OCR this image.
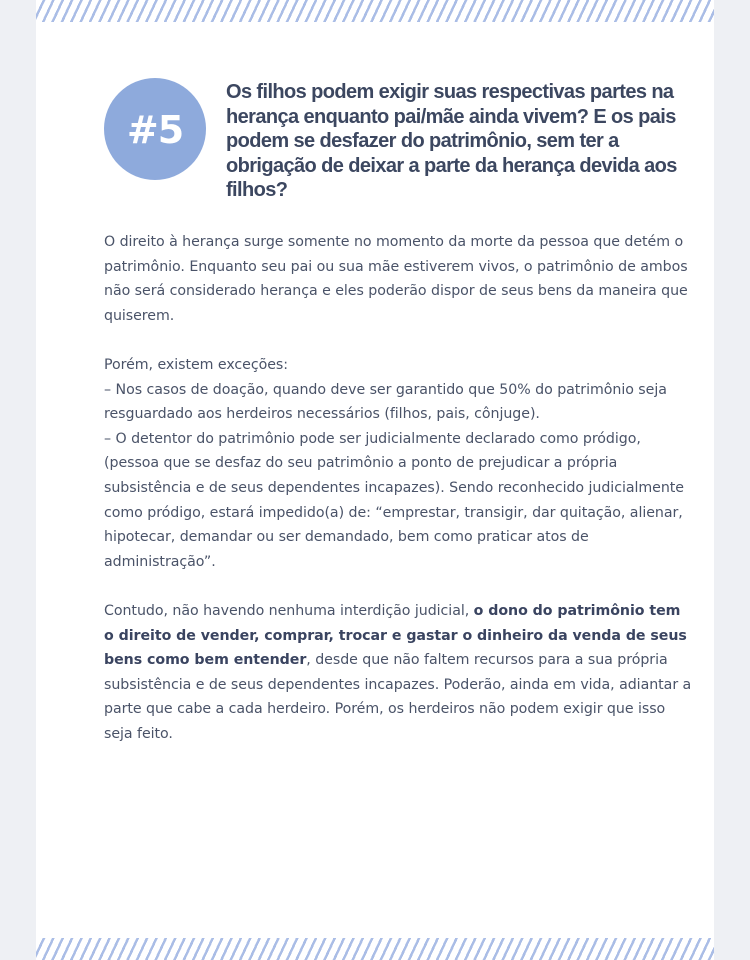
#5
Os filhos podem exigir suas respectivas partes na herança enquanto pai/mãe ainda vivem? E os pais podem se desfazer do patrimônio, sem ter a obrigação de deixar a parte da herança devida aos filhos?

O direito à herança surge somente no momento da morte da pessoa que detém o patrimônio. Enquanto seu pai ou sua mãe estiverem vivos, o patrimônio de ambos não será considerado herança e eles poderão dispor de seus bens da maneira que quiserem.

Porém, existem exceções:
– Nos casos de doação, quando deve ser garantido que 50% do patrimônio seja resguardado aos herdeiros necessários (filhos, pais, cônjuge).
– O detentor do patrimônio pode ser judicialmente declarado como pródigo, (pessoa que se desfaz do seu patrimônio a ponto de prejudicar a própria subsistência e de seus dependentes incapazes). Sendo reconhecido judicialmente como pródigo, estará impedido(a) de: “emprestar, transigir, dar quitação, alienar, hipotecar, demandar ou ser demandado, bem como praticar atos de administração”.

Contudo, não havendo nenhuma interdição judicial, o dono do patrimônio tem o direito de vender, comprar, trocar e gastar o dinheiro da venda de seus bens como bem entender, desde que não faltem recursos para a sua própria subsistência e de seus dependentes incapazes. Poderão, ainda em vida, adiantar a parte que cabe a cada herdeiro. Porém, os herdeiros não podem exigir que isso seja feito.
